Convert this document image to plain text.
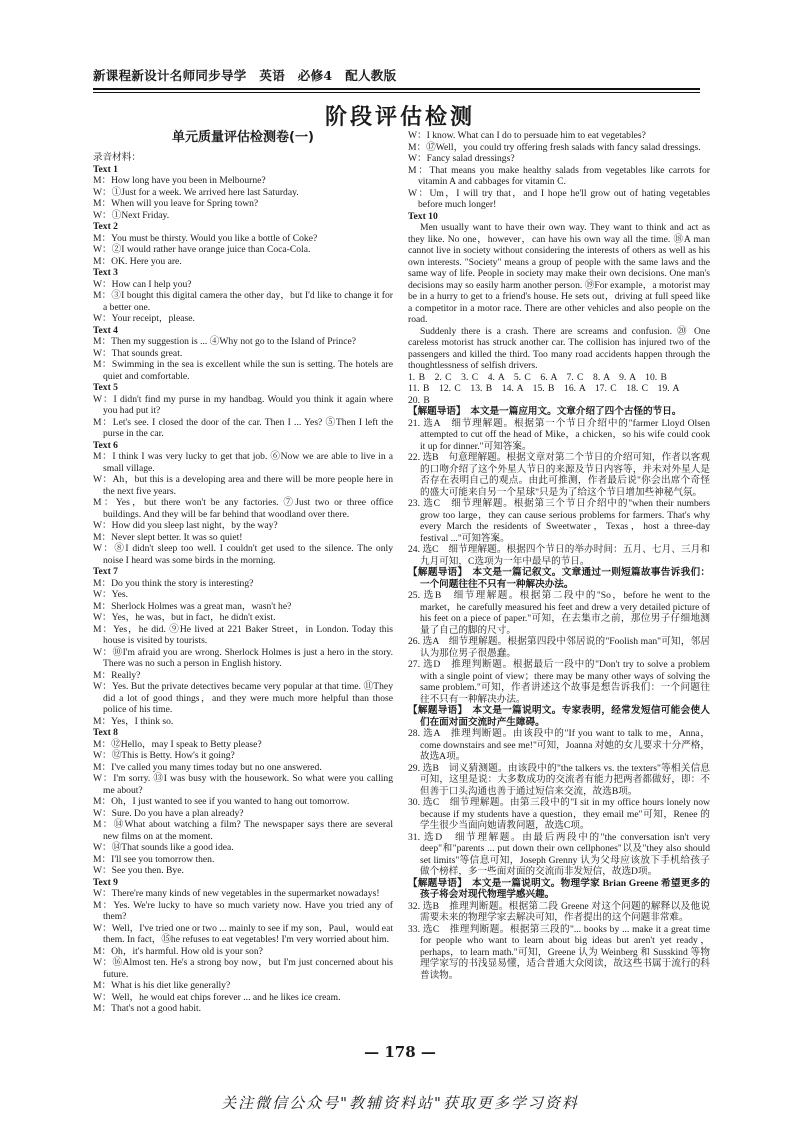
新课程新设计名师同步导学　英语　必修4　配人教版
阶段评估检测
单元质量评估检测卷(一)

录音材料：

Text 1

M：How long have you been in Melbourne?

W：①Just for a week. We arrived here last Saturday.

M：When will you leave for Spring town?

W：①Next Friday.

Text 2

M：You must be thirsty. Would you like a bottle of Coke?

W：②I would rather have orange juice than Coca-Cola.

M：OK. Here you are.

Text 3

W：How can I help you?

M：③I bought this digital camera the other day，but I'd like to change it for a better one.

W：Your receipt，please.

Text 4

M：Then my suggestion is ... ④Why not go to the Island of Prince?

W：That sounds great.

M：Swimming in the sea is excellent while the sun is setting. The hotels are quiet and comfortable.

Text 5

W：I didn't find my purse in my handbag. Would you think it again where you had put it?

M：Let's see. I closed the door of the car. Then I ... Yes? ⑤Then I left the purse in the car.

Text 6

M：I think I was very lucky to get that job. ⑥Now we are able to live in a small village.

W：Ah，but this is a developing area and there will be more people here in the next five years.

M：Yes，but there won't be any factories. ⑦Just two or three office buildings. And they will be far behind that woodland over there.

W：How did you sleep last night，by the way?

M：Never slept better. It was so quiet!

W：⑧I didn't sleep too well. I couldn't get used to the silence. The only noise I heard was some birds in the morning.

Text 7

M：Do you think the story is interesting?

W：Yes.

M：Sherlock Holmes was a great man，wasn't he?

W：Yes，he was，but in fact，he didn't exist.

M：Yes，he did. ⑨He lived at 221 Baker Street，in London. Today this house is visited by tourists.

W：⑩I'm afraid you are wrong. Sherlock Holmes is just a hero in the story. There was no such a person in English history.

M：Really?

W：Yes. But the private detectives became very popular at that time. ⑪They did a lot of good things，and they were much more helpful than those police of his time.

M：Yes，I think so.

Text 8

M：⑫Hello，may I speak to Betty please?

W：⑫This is Betty. How's it going?

M：I've called you many times today but no one answered.

W：I'm sorry. ⑬I was busy with the housework. So what were you calling me about?

M：Oh，I just wanted to see if you wanted to hang out tomorrow.

W：Sure. Do you have a plan already?

M：⑭What about watching a film? The newspaper says there are several new films on at the moment.

W：⑭That sounds like a good idea.

M：I'll see you tomorrow then.

W：See you then. Bye.

Text 9

W：There're many kinds of new vegetables in the supermarket nowadays!

M：Yes. We're lucky to have so much variety now. Have you tried any of them?

W：Well，I've tried one or two ... mainly to see if my son，Paul，would eat them. In fact，⑮he refuses to eat vegetables! I'm very worried about him.

M：Oh，it's harmful. How old is your son?

W：⑯Almost ten. He's a strong boy now，but I'm just concerned about his future.

M：What is his diet like generally?

W：Well，he would eat chips forever ... and he likes ice cream.

M：That's not a good habit.

W：I know. What can I do to persuade him to eat vegetables?

M：⑰Well，you could try offering fresh salads with fancy salad dressings.

W：Fancy salad dressings?

M：That means you make healthy salads from vegetables like carrots for vitamin A and cabbages for vitamin C.

W：Um，I will try that，and I hope he'll grow out of hating vegetables before much longer!

Text 10

Men usually want to have their own way. They want to think and act as they like. No one，however，can have his own way all the time. ⑱A man cannot live in society without considering the interests of others as well as his own interests. "Society" means a group of people with the same laws and the same way of life. People in society may make their own decisions. One man's decisions may so easily harm another person. ⑲For example，a motorist may be in a hurry to get to a friend's house. He sets out，driving at full speed like a competitor in a motor race. There are other vehicles and also people on the road.

Suddenly there is a crash. There are screams and confusion. ⑳ One careless motorist has struck another car. The collision has injured two of the passengers and killed the third. Too many road accidents happen through the thoughtlessness of selfish drivers.

1. B　2. C　3. C　4. A　5. C　6. A　7. C　8. A　9. A　10. B

11. B　12. C　13. B　14. A　15. B　16. A　17. C　18. C　19. A

20. B

【解题导语】　本文是一篇应用文。文章介绍了四个古怪的节日。

21. 选A　细节理解题。根据第一个节日介绍中的"farmer Lloyd Olsen attempted to cut off the head of Mike，a chicken，so his wife could cook it up for dinner."可知答案。

22. 选B　句意理解题。根据文章对第二个节日的介绍可知，作者以客观的口吻介绍了这个外星人节日的来源及节日内容等，并未对外星人是否存在表明自己的观点。由此可推测，作者最后说"你会出席个奇怪的盛大可能来自另一个星球"只是为了给这个节日增加些神秘气氛。

23. 选C　细节理解题。根据第三个节日介绍中的"when their numbers grow too large，they can cause serious problems for farmers. That's why every March the residents of Sweetwater，Texas，host a three-day festival ..."可知答案。

24. 选C　细节理解题。根据四个节日的举办时间：五月、七月、三月和九月可知，C选项为一年中最早的节日。

【解题导语】　本文是一篇记叙文。文章通过一则短篇故事告诉我们：一个问题往往不只有一种解决办法。

25. 选B　细节理解题。根据第二段中的"So，before he went to the market，he carefully measured his feet and drew a very detailed picture of his feet on a piece of paper."可知，在去集市之前，那位男子仔细地测量了自己的脚的尺寸。

26. 选A　细节理解题。根据第四段中邻居说的"Foolish man"可知，邻居认为那位男子很愚蠢。

27. 选D　推理判断题。根据最后一段中的"Don't try to solve a problem with a single point of view；there may be many other ways of solving the same problem."可知，作者讲述这个故事是想告诉我们：一个问题往往不只有一种解决办法。

【解题导语】　本文是一篇说明文。专家表明，经常发短信可能会使人们在面对面交流时产生障碍。

28. 选A　推理判断题。由该段中的"If you want to talk to me，Anna，come downstairs and see me!"可知，Joanna 对她的女儿要求十分严格，故选A项。

29. 选B　词义猜测题。由该段中的"the talkers vs. the texters"等相关信息可知，这里是说：大多数成功的交流者有能力把两者都做好，即：不但善于口头沟通也善于通过短信来交流，故选B项。

30. 选C　细节理解题。由第三段中的"I sit in my office hours lonely now because if my students have a question，they email me"可知，Renee 的学生很少当面向她请教问题，故选C项。

31. 选D　细节理解题。由最后两段中的"the conversation isn't very deep"和"parents ... put down their own cellphones"以及"they also should set limits"等信息可知，Joseph Grenny 认为父母应该放下手机给孩子做个榜样，多一些面对面的交流而非发短信，故选D项。

【解题导语】　本文是一篇说明文。物理学家 Brian Greene 希望更多的孩子将会对现代物理学感兴趣。

32. 选B　推理判断题。根据第二段 Greene 对这个问题的解释以及他说需要未来的物理学家去解决可知，作者提出的这个问题非常难。

33. 选C　推理判断题。根据第三段的"... books by ... make it a great time for people who want to learn about big ideas but aren't yet ready，perhaps，to learn math."可知，Greene 认为 Weinberg 和 Susskind 等物理学家写的书浅显易懂，适合普通大众阅读，故这些书属于流行的科普读物。

— 178 —
关注微信公众号"教辅资料站"获取更多学习资料
